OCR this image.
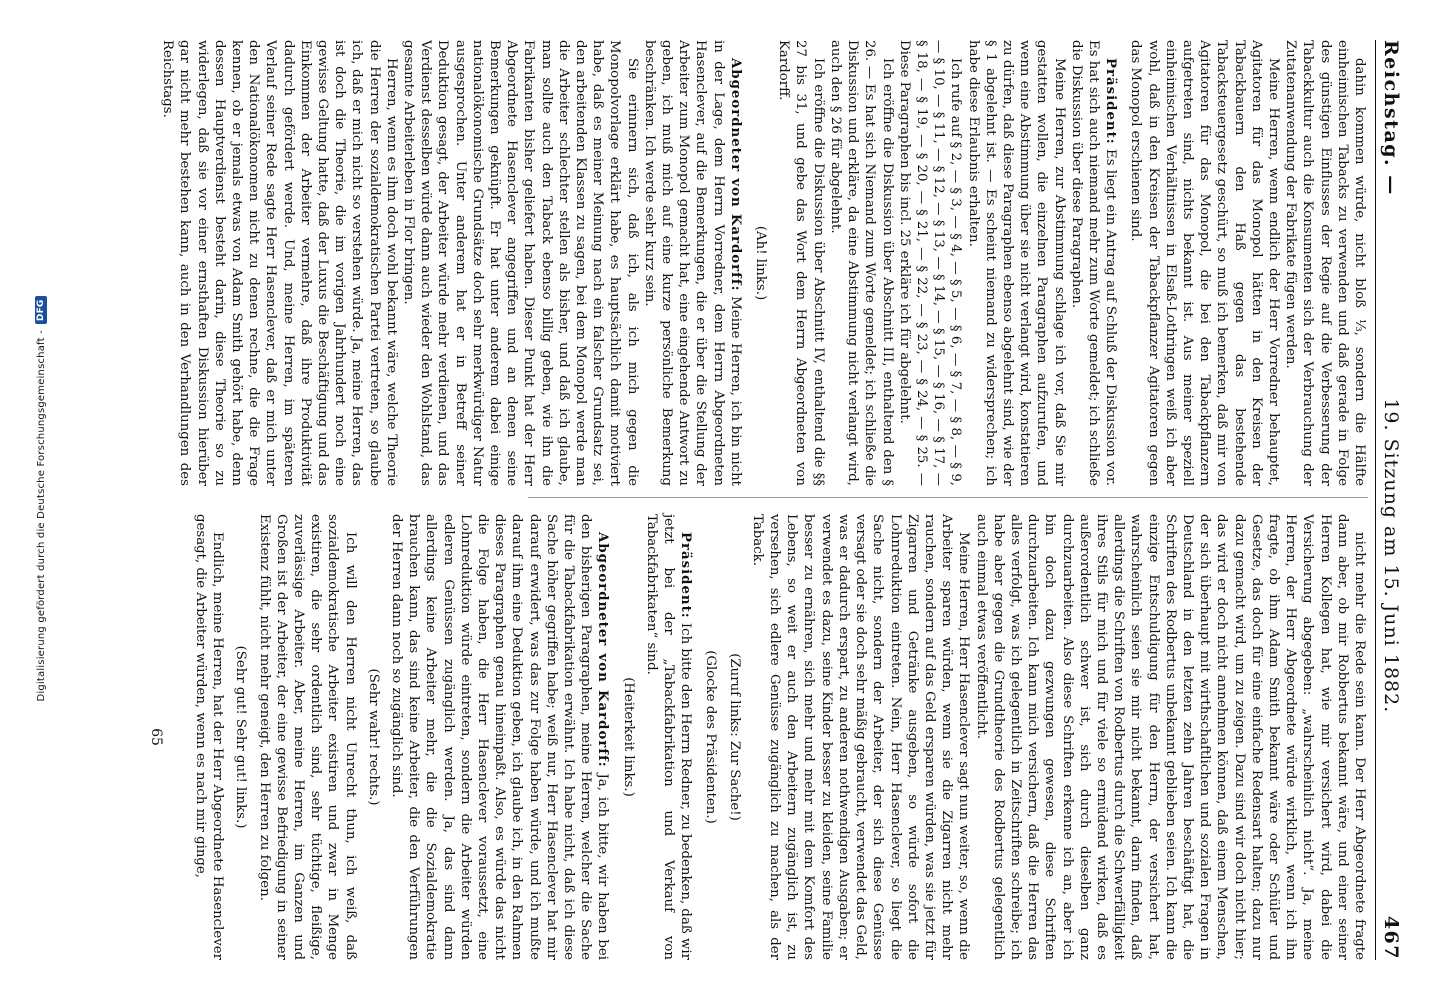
Reichstag. —
19. Sitzung am 15. Juni 1882.
467

dahin kommen würde, nicht bloß ⅓, sondern die Hälfte einheimischen Tabacks zu verwenden und daß gerade in Folge des günstigen Einflusses der Regie auf die Verbesserung der Tabackkultur auch die Konsumenten sich der Verbrauchung der Zutatenanwendung der Fabrikate fügen werden.

Meine Herren, wenn endlich der Herr Vorredner behauptet, Agitatoren für das Monopol hätten in den Kreisen der Tabackbauern den Haß gegen das bestehende Tabacksteuergesetz geschürt, so muß ich bemerken, daß mir von Agitatoren für das Monopol, die bei den Tabackpflanzern aufgetreten sind, nichts bekannt ist. Aus meiner speziell einheimischen Verhältnissen in Elsaß-Lothringen weiß ich aber wohl, daß in den Kreisen der Tabackpflanzer Agitatoren gegen das Monopol erschienen sind.

Präsident: Es liegt ein Antrag auf Schluß der Diskussion vor. Es hat sich auch niemand mehr zum Worte gemeldet; ich schließe die Diskussion über diese Paragraphen.

Meine Herren, zur Abstimmung schlage ich vor, daß Sie mir gestatten wollen, die einzelnen Paragraphen aufzurufen, und wenn eine Abstimmung über sie nicht verlangt wird, konstatieren zu dürfen, daß diese Paragraphen ebenso abgelehnt sind, wie der § 1 abgelehnt ist. — Es scheint niemand zu widersprechen; ich habe diese Erlaubnis erhalten.

Ich rufe auf § 2, — § 3, — § 4, — § 5, — § 6, — § 7, — § 8, — § 9, — § 10, — § 11, — § 12, — § 13, — § 14, — § 15, — § 16, — § 17, — § 18, — § 19, — § 20, — § 21, — § 22, — § 23, — § 24, — § 25. — Diese Paragraphen bis incl. 25 erkläre ich für abgelehnt.

Ich eröffne die Diskussion über Abschnitt III, enthaltend den § 26. — Es hat sich Niemand zum Worte gemeldet; ich schließe die Diskussion und erkläre, da eine Abstimmung nicht verlangt wird, auch den § 26 für abgelehnt.

Ich eröffne die Diskussion über Abschnitt IV, enthaltend die §§ 27 bis 31, und gebe das Wort dem Herrn Abgeordneten von Kardorff.

(Ah! links.)

Abgeordneter von Kardorff: Meine Herren, ich bin nicht in der Lage, dem Herrn Vorredner, dem Herrn Abgeordneten Hasenclever, auf die Bemerkungen, die er über die Stellung der Arbeiter zum Monopol gemacht hat, eine eingehende Antwort zu geben, ich muß mich auf eine kurze persönliche Bemerkung beschränken. Ich werde sehr kurz sein.

Sie erinnern sich, daß ich, als ich mich gegen die Monopolvorlage erklärt habe, es hauptsächlich damit motiviert habe, daß es meiner Meinung nach ein falscher Grundsatz sei, den arbeitenden Klassen zu sagen, bei dem Monopol werde man die Arbeiter schlechter stellen als bisher, und daß ich glaube, man sollte auch den Taback ebenso billig geben, wie ihn die Fabrikanten bisher geliefert haben. Dieser Punkt hat der Herr Abgeordnete Hasenclever angegriffen und an denen seine Bemerkungen geknüpft. Er hat unter anderem dabei einige nationalökonomische Grundsätze doch sehr merkwürdiger Natur ausgesprochen. Unter anderem hat er in Betreff seiner Deduktion gesagt, der Arbeiter würde mehr verdienen, und das Verdienst desselben würde dann auch wieder den Wohlstand, das gesamte Arbeiterleben in Flor bringen.

Herren, wenn es ihm doch wohl bekannt wäre, welche Theorie die Herren der sozialdemokratischen Partei vertreten, so glaube ich, daß er mich nicht so verstehen würde. Ja, meine Herren, das ist doch die Theorie, die im vorigen Jahrhundert noch eine gewisse Geltung hatte, daß der Luxus die Beschäftigung und das Einkommen der Arbeiter vermehre, daß ihre Produktivität dadurch gefördert werde. Und, meine Herren, im späteren Verlauf seiner Rede sagte Herr Hasenclever, daß er mich unter den Nationalökonomen nicht zu denen rechne, die die Frage kennen, ob er jemals etwas von Adam Smith gehört habe, denn dessen Hauptverdienst besteht darin, diese Theorie so zu widerlegen, daß sie vor einer ernsthaften Diskussion hierüber gar nicht mehr bestehen kann, auch in den Verhandlungen des Reichstags.

nicht mehr die Rede sein kann. Der Herr Abgeordnete fragte dann aber, ob mir Robbertus bekannt wäre, und einer seiner Herren Kollegen hat, wie mir versichert wird, dabei die Versicherung abgegeben: „wahrscheinlich nicht“. Ja, meine Herren, der Herr Abgeordnete würde wirklich, wenn ich ihn fragte, ob ihm Adam Smith bekannt wäre oder Schüler und Gesetze, das doch für eine einfache Redensart halten; dazu nur dazu gemacht wird, um zu zeigen. Dazu sind wir doch nicht hier; das wird er doch nicht annehmen können, daß einem Menschen, der sich überhaupt mit wirthschaftlichen und sozialen Fragen in Deutschland in den letzten zehn Jahren beschäftigt hat, die Schriften des Rodbertus unbekannt geblieben seien. Ich kann die einzige Entschuldigung für den Herrn, der versichert hat, wahrscheinlich seien sie mir nicht bekannt, darin finden, daß allerdings die Schriften von Rodbertus durch die Schwerfälligkeit ihres Stils für mich und für viele so ermüdend wirken, daß es außerordentlich schwer ist, sich durch dieselben ganz durchzuarbeiten. Also diese Schriften erkenne ich an, aber ich bin doch dazu gezwungen gewesen, diese Schriften durchzuarbeiten. Ich kann mich versichern, daß die Herren das alles verfolgt, was ich gelegentlich in Zeitschriften schreibe; ich habe aber gegen die Grundtheorie des Rodbertus gelegentlich auch einmal etwas veröffentlicht.

Meine Herren, Herr Hasenclever sagt nun weiter, so, wenn die Arbeiter sparen würden, wenn sie die Zigarren nicht mehr rauchen, sondern auf das Geld ersparen würden, was sie jetzt für Zigarren und Getränke ausgeben, so würde sofort die Lohnreduktion eintreten. Nein, Herr Hasenclever, so liegt die Sache nicht, sondern der Arbeiter, der sich diese Genüsse versagt oder sie doch sehr mäßig gebraucht, verwendet das Geld, was er dadurch erspart, zu anderen nothwendigen Ausgaben; er verwendet es dazu, seine Kinder besser zu kleiden, seine Familie besser zu ernähren, sich mehr und mehr mit dem Komfort des Lebens, so weit er auch den Arbeitern zugänglich ist, zu versehen, sich edlere Genüsse zugänglich zu machen, als der Taback.

(Zuruf links: Zur Sache!)

(Glocke des Präsidenten.)

Präsident: Ich bitte den Herrn Redner, zu bedenken, daß wir jetzt bei der „Tabackfabrikation und Verkauf von Tabackfabrikaten“ sind.

(Heiterkeit links.)

Abgeordneter von Kardorff: Ja, ich bitte, wir haben bei den bisherigen Paragraphen, meine Herren, welcher die Sache für die Tabackfabrikation erwähnt. Ich habe nicht, daß ich diese Sache höher gegriffen habe; weiß nur, Herr Hasenclever hat mir darauf erwidert, was das zur Folge haben würde, und ich mußte darauf ihm eine Deduktion geben, ich glaube ich, in den Rahmen dieses Paragraphen genau hineinpaßt. Also, es würde das nicht die Folge haben, die Herr Hasenclever voraussetzt, eine Lohnreduktion würde eintreten, sondern die Arbeiter würden edleren Genüssen zugänglich werden. Ja, das sind dann allerdings keine Arbeiter mehr, die die Sozialdemokratie brauchen kann, das sind keine Arbeiter, die den Verführungen der Herren dann noch so zugänglich sind.

(Sehr wahr! rechts.)

Ich will den Herren nicht Unrecht thun, ich weiß, daß sozialdemokratische Arbeiter existiren und zwar in Menge existiren, die sehr ordentlich sind, sehr tüchtige, fleißige, zuverlässige Arbeiter. Aber, meine Herren, im Ganzen und Großen ist der Arbeiter, der eine gewisse Befriedigung in seiner Existenz fühlt, nicht mehr geneigt, den Herren zu folgen.

(Sehr gut! Sehr gut! links.)

Endlich, meine Herren, hat der Herr Abgeordnete Hasenclever gesagt, die Arbeiter würden, wenn es nach mir ginge,

65
Digitalisierung gefördert durch die Deutsche Forschungsgemeinschaft -
DFG
